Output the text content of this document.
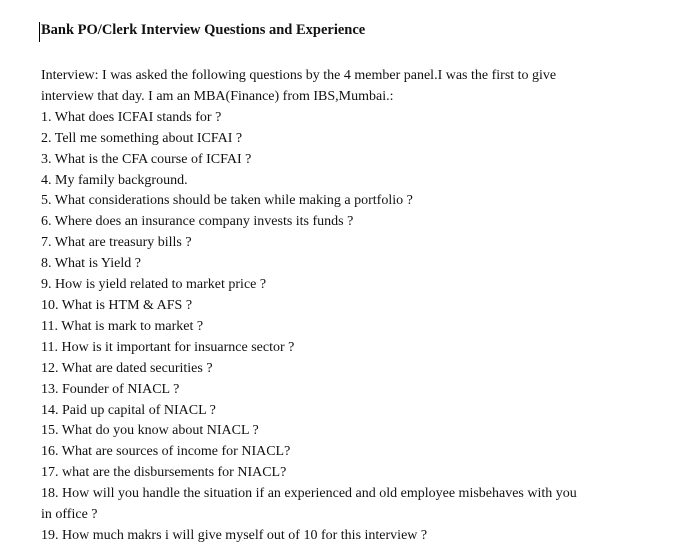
Bank PO/Clerk Interview Questions and Experience

Interview: I was asked the following questions by the 4 member panel.I was the first to give
interview that day. I am an MBA(Finance) from IBS,Mumbai.:
1. What does ICFAI stands for ?
2. Tell me something about ICFAI ?
3. What is the CFA course of ICFAI ?
4. My family background.
5. What considerations should be taken while making a portfolio ?
6. Where does an insurance company invests its funds ?
7. What are treasury bills ?
8. What is Yield ?
9. How is yield related to market price ?
10. What is HTM & AFS ?
11. What is mark to market ?
11. How is it important for insuarnce sector ?
12. What are dated securities ?
13. Founder of NIACL ?
14. Paid up capital of NIACL ?
15. What do you know about NIACL ?
16. What are sources of income for NIACL?
17. what are the disbursements for NIACL?
18. How will you handle the situation if an experienced and old employee misbehaves with you
in office ?
19. How much makrs i will give myself out of 10 for this interview ?
